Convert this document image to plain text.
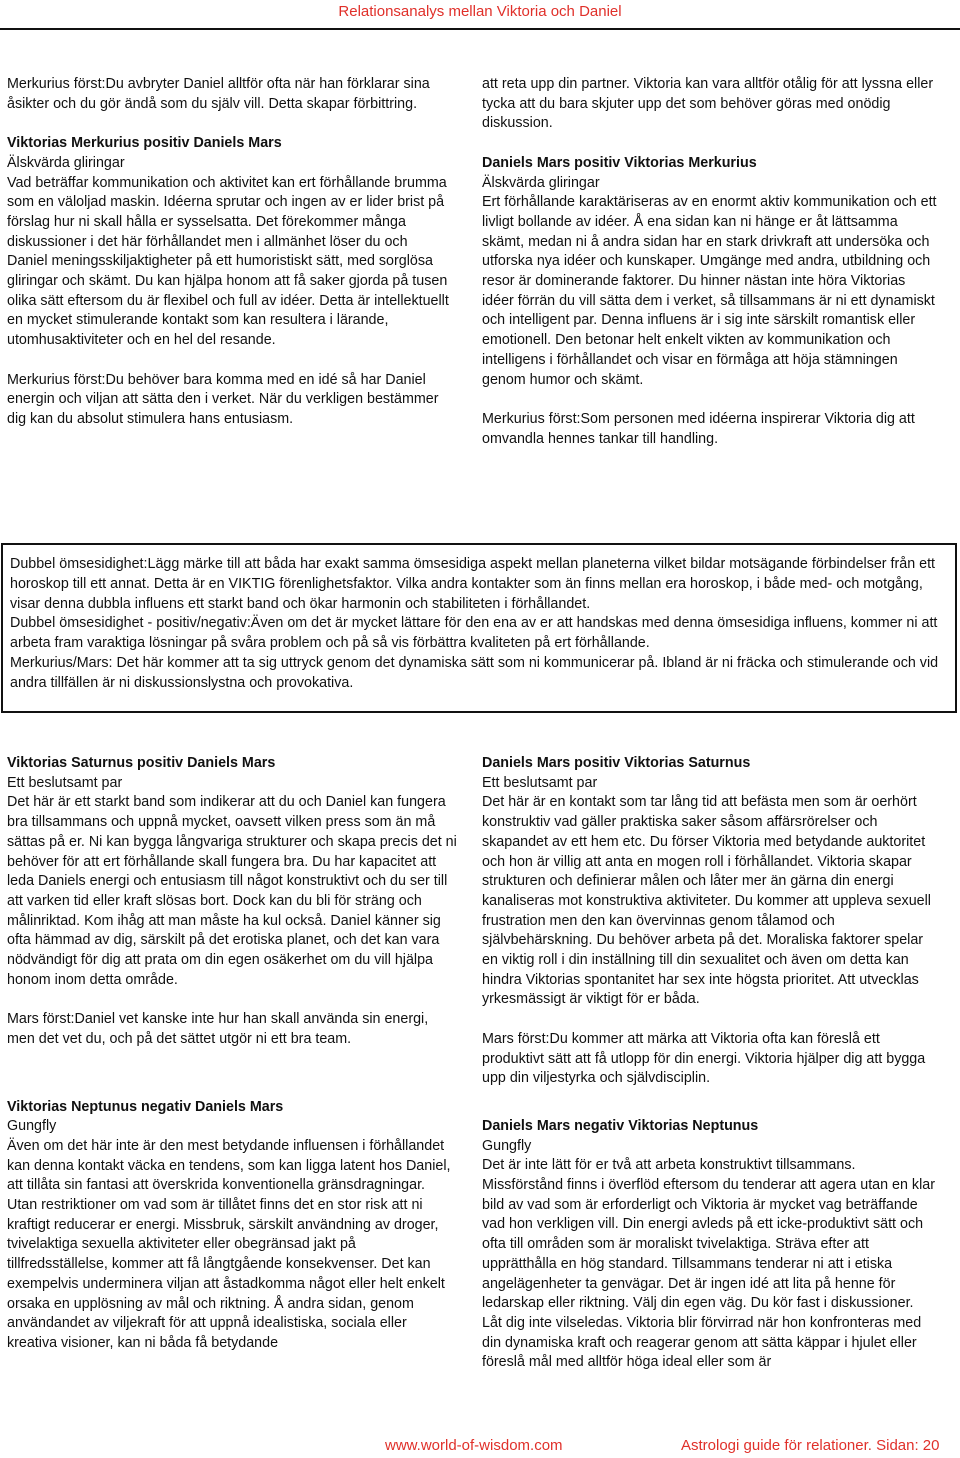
Relationsanalys mellan Viktoria och Daniel

Merkurius först:Du avbryter Daniel alltför ofta när han förklarar sina åsikter och du gör ändå som du själv vill. Detta skapar förbittring.

Viktorias Merkurius positiv Daniels Mars

Älskvärda gliringar

Vad beträffar kommunikation och aktivitet kan ert förhållande brumma som en väloljad maskin. Idéerna sprutar och ingen av er lider brist på förslag hur ni skall hålla er sysselsatta. Det förekommer många diskussioner i det här förhållandet men i allmänhet löser du och Daniel meningsskiljaktigheter på ett humoristiskt sätt, med sorglösa gliringar och skämt. Du kan hjälpa honom att få saker gjorda på tusen olika sätt eftersom du är flexibel och full av idéer. Detta är intellektuellt en mycket stimulerande kontakt som kan resultera i lärande, utomhusaktiviteter och en hel del resande.

Merkurius först:Du behöver bara komma med en idé så har Daniel energin och viljan att sätta den i verket. När du verkligen bestämmer dig kan du absolut stimulera hans entusiasm.

att reta upp din partner. Viktoria kan vara alltför otålig för att lyssna eller tycka att du bara skjuter upp det som behöver göras med onödig diskussion.

Daniels Mars positiv Viktorias Merkurius

Älskvärda gliringar

Ert förhållande karaktäriseras av en enormt aktiv kommunikation och ett livligt bollande av idéer. Å ena sidan kan ni hänge er åt lättsamma skämt, medan ni å andra sidan har en stark drivkraft att undersöka och utforska nya idéer och kunskaper. Umgänge med andra, utbildning och resor är dominerande faktorer. Du hinner nästan inte höra Viktorias idéer förrän du vill sätta dem i verket, så tillsammans är ni ett dynamiskt och intelligent par. Denna influens är i sig inte särskilt romantisk eller emotionell. Den betonar helt enkelt vikten av kommunikation och intelligens i förhållandet och visar en förmåga att höja stämningen genom humor och skämt.

Merkurius först:Som personen med idéerna inspirerar Viktoria dig att omvandla hennes tankar till handling.

Dubbel ömsesidighet:Lägg märke till att båda har exakt samma ömsesidiga aspekt mellan planeterna vilket bildar motsägande förbindelser från ett horoskop till ett annat. Detta är en VIKTIG förenlighetsfaktor. Vilka andra kontakter som än finns mellan era horoskop, i både med- och motgång, visar denna dubbla influens ett starkt band och ökar harmonin och stabiliteten i förhållandet.

Dubbel ömsesidighet - positiv/negativ:Även om det är mycket lättare för den ena av er att handskas med denna ömsesidiga influens, kommer ni att arbeta fram varaktiga lösningar på svåra problem och på så vis förbättra kvaliteten på ert förhållande.

Merkurius/Mars: Det här kommer att ta sig uttryck genom det dynamiska sätt som ni kommunicerar på. Ibland är ni fräcka och stimulerande och vid andra tillfällen är ni diskussionslystna och provokativa.

Viktorias Saturnus positiv Daniels Mars

Ett beslutsamt par

Det här är ett starkt band som indikerar att du och Daniel kan fungera bra tillsammans och uppnå mycket, oavsett vilken press som än må sättas på er. Ni kan bygga långvariga strukturer och skapa precis det ni behöver för att ert förhållande skall fungera bra. Du har kapacitet att leda Daniels energi och entusiasm till något konstruktivt och du ser till att varken tid eller kraft slösas bort. Dock kan du bli för sträng och målinriktad. Kom ihåg att man måste ha kul också. Daniel känner sig ofta hämmad av dig, särskilt på det erotiska planet, och det kan vara nödvändigt för dig att prata om din egen osäkerhet om du vill hjälpa honom inom detta område.

Mars först:Daniel vet kanske inte hur han skall använda sin energi, men det vet du, och på det sättet utgör ni ett bra team.

Viktorias Neptunus negativ Daniels Mars

Gungfly

Även om det här inte är den mest betydande influensen i förhållandet kan denna kontakt väcka en tendens, som kan ligga latent hos Daniel, att tillåta sin fantasi att överskrida konventionella gränsdragningar. Utan restriktioner om vad som är tillåtet finns det en stor risk att ni kraftigt reducerar er energi. Missbruk, särskilt användning av droger, tvivelaktiga sexuella aktiviteter eller obegränsad jakt på tillfredsställelse, kommer att få långtgående konsekvenser. Det kan exempelvis underminera viljan att åstadkomma något eller helt enkelt orsaka en upplösning av mål och riktning. Å andra sidan, genom användandet av viljekraft för att uppnå idealistiska, sociala eller kreativa visioner, kan ni båda få betydande

Daniels Mars positiv Viktorias Saturnus

Ett beslutsamt par

Det här är en kontakt som tar lång tid att befästa men som är oerhört konstruktiv vad gäller praktiska saker såsom affärsrörelser och skapandet av ett hem etc. Du förser Viktoria med betydande auktoritet och hon är villig att anta en mogen roll i förhållandet. Viktoria skapar strukturen och definierar målen och låter mer än gärna din energi kanaliseras mot konstruktiva aktiviteter. Du kommer att uppleva sexuell frustration men den kan övervinnas genom tålamod och självbehärskning. Du behöver arbeta på det. Moraliska faktorer spelar en viktig roll i din inställning till din sexualitet och även om detta kan hindra Viktorias spontanitet har sex inte högsta prioritet. Att utvecklas yrkesmässigt är viktigt för er båda.

Mars först:Du kommer att märka att Viktoria ofta kan föreslå ett produktivt sätt att få utlopp för din energi. Viktoria hjälper dig att bygga upp din viljestyrka och självdisciplin.

Daniels Mars negativ Viktorias Neptunus

Gungfly

Det är inte lätt för er två att arbeta konstruktivt tillsammans. Missförstånd finns i överflöd eftersom du tenderar att agera utan en klar bild av vad som är erforderligt och Viktoria är mycket vag beträffande vad hon verkligen vill. Din energi avleds på ett icke-produktivt sätt och ofta till områden som är moraliskt tvivelaktiga. Sträva efter att upprätthålla en hög standard. Tillsammans tenderar ni att i etiska angelägenheter ta genvägar. Det är ingen idé att lita på henne för ledarskap eller riktning. Välj din egen väg. Du kör fast i diskussioner. Låt dig inte vilseledas. Viktoria blir förvirrad när hon konfronteras med din dynamiska kraft och reagerar genom att sätta käppar i hjulet eller föreslå mål med alltför höga ideal eller som är

www.world-of-wisdom.com	Astrologi guide för relationer. Sidan: 20
